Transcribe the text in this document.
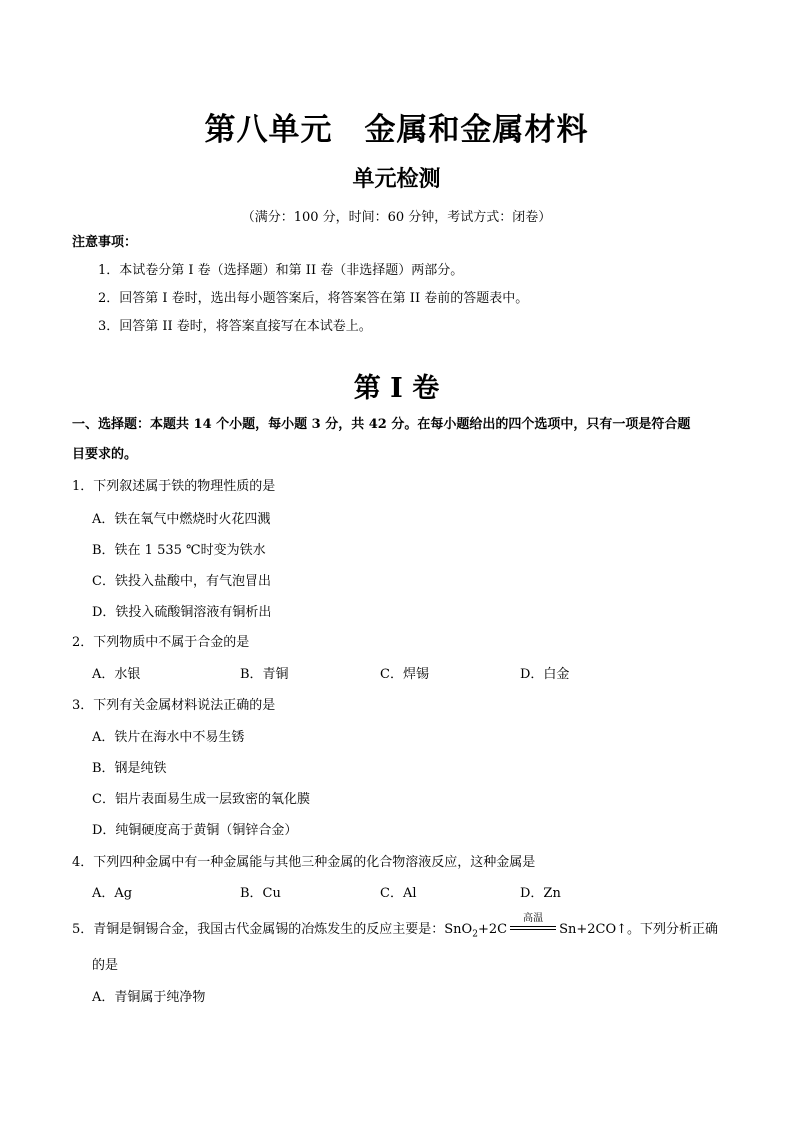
第八单元　金属和金属材料
单元检测
（满分：100 分，时间：60 分钟，考试方式：闭卷）
注意事项：
1．本试卷分第 I 卷（选择题）和第 II 卷（非选择题）两部分。
2．回答第 I 卷时，选出每小题答案后，将答案答在第 II 卷前的答题表中。
3．回答第 II 卷时，将答案直接写在本试卷上。
第 I 卷
一、选择题：本题共 14 个小题，每小题 3 分，共 42 分。在每小题给出的四个选项中，只有一项是符合题
目要求的。
1．下列叙述属于铁的物理性质的是
A．铁在氧气中燃烧时火花四溅
B．铁在 1 535 ℃时变为铁水
C．铁投入盐酸中，有气泡冒出
D．铁投入硫酸铜溶液有铜析出
2．下列物质中不属于合金的是
A．水银	B．青铜	C．焊锡	D．白金
3．下列有关金属材料说法正确的是
A．铁片在海水中不易生锈
B．钢是纯铁
C．铝片表面易生成一层致密的氧化膜
D．纯铜硬度高于黄铜（铜锌合金）
4．下列四种金属中有一种金属能与其他三种金属的化合物溶液反应，这种金属是
A．Ag	B．Cu	C．Al	D．Zn
5．青铜是铜锡合金，我国古代金属锡的冶炼发生的反应主要是：SnO$_2$+2C
高温
Sn+2CO↑。下列分析正确
的是
A．青铜属于纯净物
